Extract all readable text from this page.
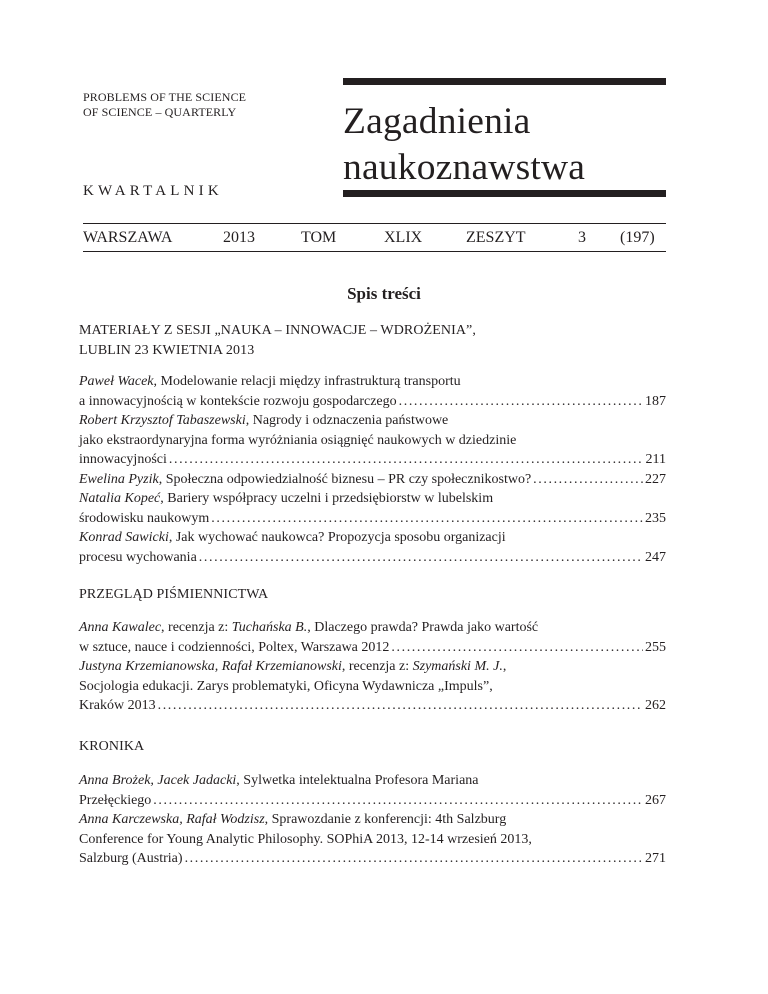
PROBLEMS OF THE SCIENCE
OF SCIENCE – QUARTERLY	Zagadnienia
naukoznawstwa
KWARTALNIK
WARSZAWA	2013	TOM	XLIX	ZESZYT	3 (197)
Spis treści
MATERIAŁY Z SESJI „NAUKA – INNOWACJE – WDROŻENIA”,
LUBLIN 23 KWIETNIA 2013
Paweł Wacek, Modelowanie relacji między infrastrukturą transportu
a innowacyjnością w kontekście rozwoju gospodarczego .....	187
Robert Krzysztof Tabaszewski, Nagrody i odznaczenia państwowe
jako ekstraordynaryjna forma wyróżniania osiągnięć naukowych w dziedzinie
innowacyjności .....	211
Ewelina Pyzik, Społeczna odpowiedzialność biznesu – PR czy społecznikostwo? .....	227
Natalia Kopeć, Bariery współpracy uczelni i przedsiębiorstw w lubelskim
środowisku naukowym .....	235
Konrad Sawicki, Jak wychować naukowca? Propozycja sposobu organizacji
procesu wychowania .....	247
PRZEGLĄD PIŚMIENNICTWA
Anna Kawalec, recenzja z: Tuchańska B., Dlaczego prawda? Prawda jako wartość
w sztuce, nauce i codzienności, Poltex, Warszawa 2012 .....	255
Justyna Krzemianowska, Rafał Krzemianowski, recenzja z: Szymański M. J.,
Socjologia edukacji. Zarys problematyki, Oficyna Wydawnicza „Impuls”,
Kraków 2013 .....	262
KRONIKA
Anna Brożek, Jacek Jadacki, Sylwetka intelektualna Profesora Mariana
Przełęckiego .....	267
Anna Karczewska, Rafał Wodzisz, Sprawozdanie z konferencji: 4th Salzburg
Conference for Young Analytic Philosophy. SOPhiA 2013, 12-14 wrzesień 2013,
Salzburg (Austria) .....	271
